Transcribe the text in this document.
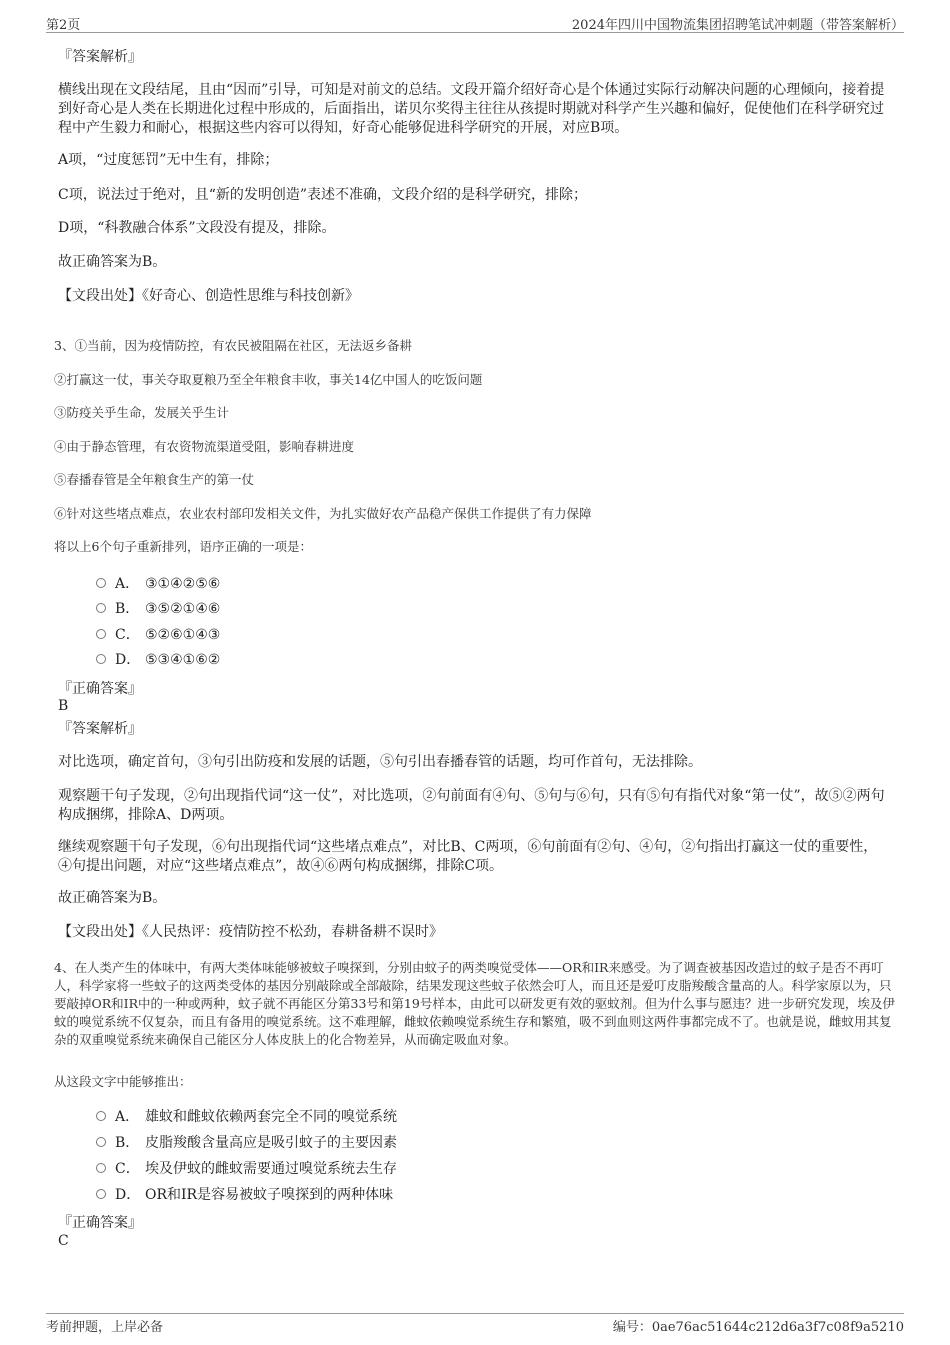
第2页	2024年四川中国物流集团招聘笔试冲刺题（带答案解析）
『答案解析』
横线出现在文段结尾，且由“因而”引导，可知是对前文的总结。文段开篇介绍好奇心是个体通过实际行动解决问题的心理倾向，接着提到好奇心是人类在长期进化过程中形成的，后面指出，诺贝尔奖得主往往从孩提时期就对科学产生兴趣和偏好，促使他们在科学研究过程中产生毅力和耐心，根据这些内容可以得知，好奇心能够促进科学研究的开展，对应B项。
A项，“过度惩罚”无中生有，排除；
C项，说法过于绝对，且“新的发明创造”表述不准确，文段介绍的是科学研究，排除；
D项，“科教融合体系”文段没有提及，排除。
故正确答案为B。
【文段出处】《好奇心、创造性思维与科技创新》
3、①当前，因为疫情防控，有农民被阻隔在社区，无法返乡备耕
②打赢这一仗，事关夺取夏粮乃至全年粮食丰收，事关14亿中国人的吃饭问题
③防疫关乎生命，发展关乎生计
④由于静态管理，有农资物流渠道受阻，影响春耕进度
⑤春播春管是全年粮食生产的第一仗
⑥针对这些堵点难点，农业农村部印发相关文件，为扎实做好农产品稳产保供工作提供了有力保障
将以上6个句子重新排列，语序正确的一项是：
A． ③①④②⑤⑥
B． ③⑤②①④⑥
C． ⑤②⑥①④③
D． ⑤③④①⑥②
『正确答案』
B
『答案解析』
对比选项，确定首句，③句引出防疫和发展的话题，⑤句引出春播春管的话题，均可作首句，无法排除。
观察题干句子发现，②句出现指代词“这一仗”，对比选项，②句前面有④句、⑤句与⑥句，只有⑤句有指代对象“第一仗”，故⑤②两句构成捆绑，排除A、D两项。
继续观察题干句子发现，⑥句出现指代词“这些堵点难点”，对比B、C两项，⑥句前面有②句、④句，②句指出打赢这一仗的重要性，④句提出问题，对应“这些堵点难点”，故④⑥两句构成捆绑，排除C项。
故正确答案为B。
【文段出处】《人民热评：疫情防控不松劲，春耕备耕不误时》
4、在人类产生的体味中，有两大类体味能够被蚊子嗅探到，分别由蚊子的两类嗅觉受体——OR和IR来感受。为了调查被基因改造过的蚊子是否不再叮人，科学家将一些蚊子的这两类受体的基因分别敲除或全部敲除，结果发现这些蚊子依然会叮人，而且还是爱叮皮脂羧酸含量高的人。科学家原以为，只要敲掉OR和IR中的一种或两种，蚊子就不再能区分第33号和第19号样本，由此可以研发更有效的驱蚊剂。但为什么事与愿违？进一步研究发现，埃及伊蚊的嗅觉系统不仅复杂，而且有备用的嗅觉系统。这不难理解，雌蚊依赖嗅觉系统生存和繁殖，吸不到血则这两件事都完成不了。也就是说，雌蚊用其复杂的双重嗅觉系统来确保自己能区分人体皮肤上的化合物差异，从而确定吸血对象。
从这段文字中能够推出：
A． 雄蚊和雌蚊依赖两套完全不同的嗅觉系统
B． 皮脂羧酸含量高应是吸引蚊子的主要因素
C． 埃及伊蚊的雌蚊需要通过嗅觉系统去生存
D． OR和IR是容易被蚊子嗅探到的两种体味
『正确答案』
C
考前押题，上岸必备	编号：0ae76ac51644c212d6a3f7c08f9a5210
